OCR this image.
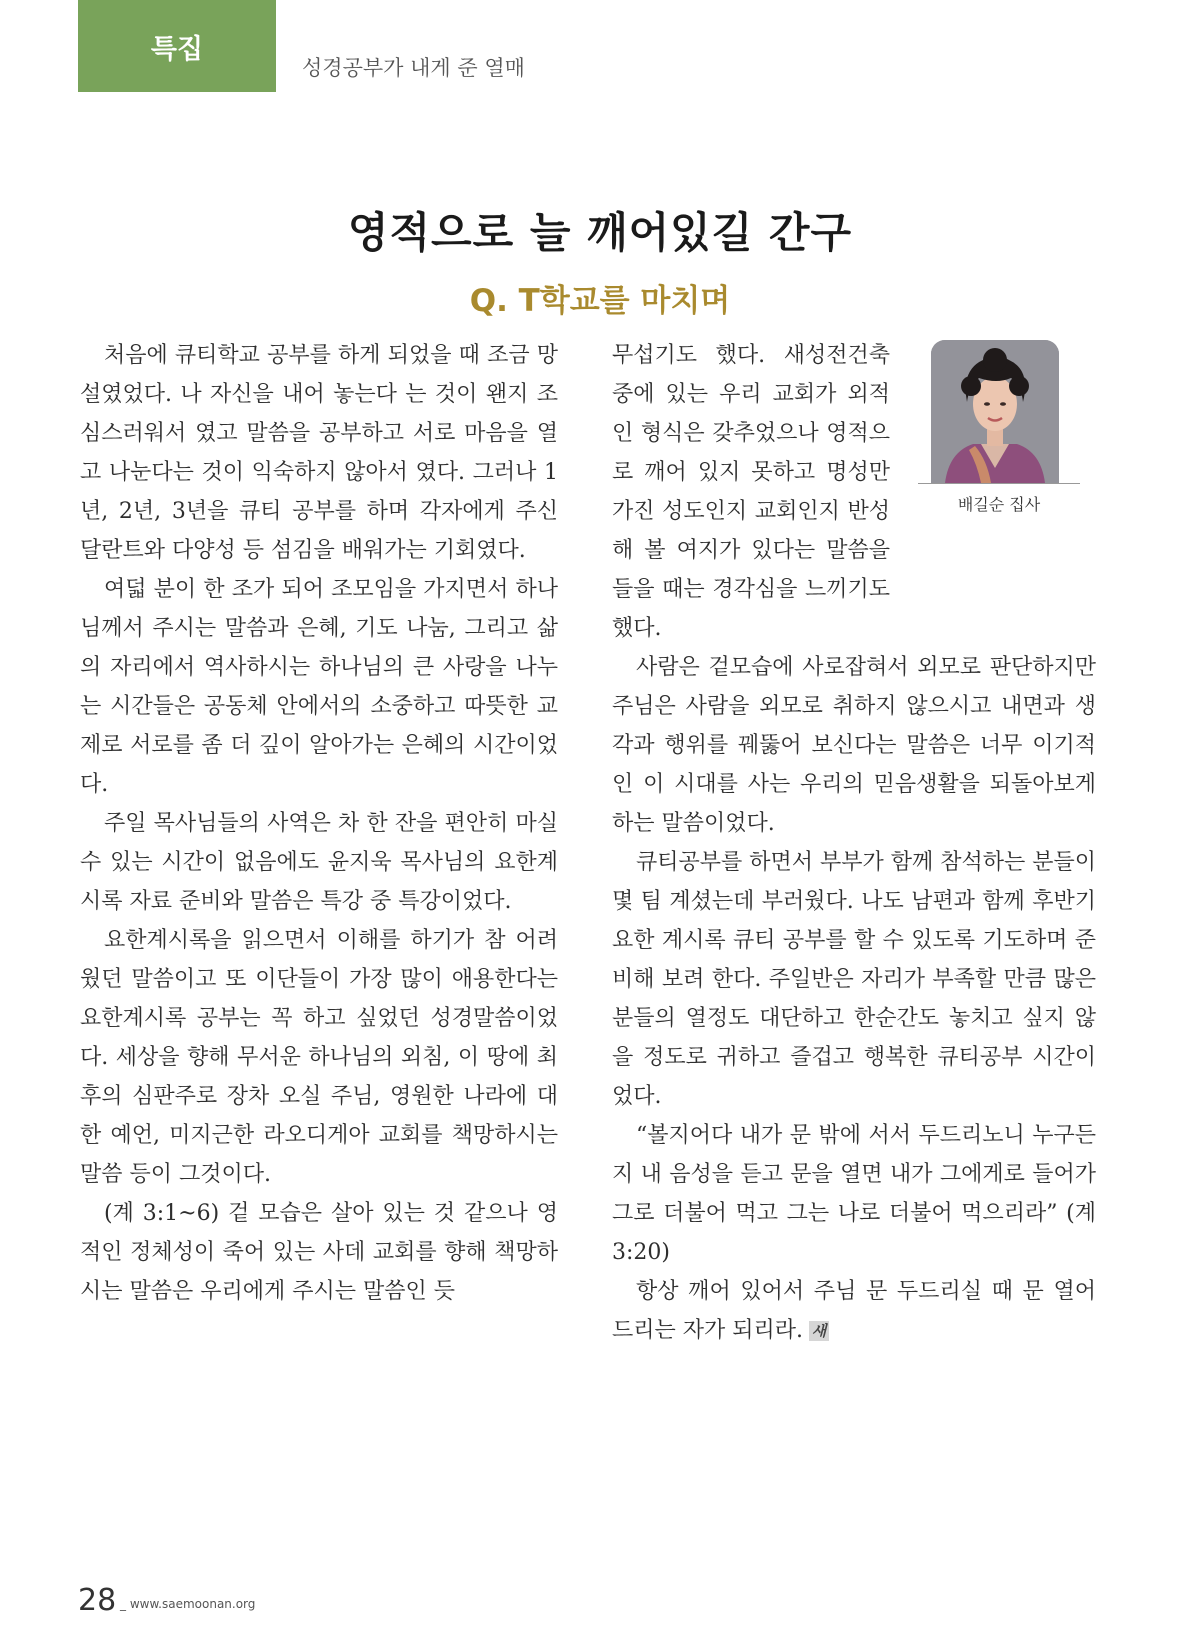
특집
성경공부가 내게 준 열매
영적으로 늘 깨어있길 간구
Q. T학교를 마치며

처음에 큐티학교 공부를 하게 되었을 때 조금 망설였었다. 나 자신을 내어 놓는다 는 것이 왠지 조심스러워서 였고 말씀을 공부하고 서로 마음을 열고 나눈다는 것이 익숙하지 않아서 였다. 그러나 1년, 2년, 3년을 큐티 공부를 하며 각자에게 주신 달란트와 다양성 등 섬김을 배워가는 기회였다.

여덟 분이 한 조가 되어 조모임을 가지면서 하나님께서 주시는 말씀과 은혜, 기도 나눔, 그리고 삶의 자리에서 역사하시는 하나님의 큰 사랑을 나누는 시간들은 공동체 안에서의 소중하고 따뜻한 교제로 서로를 좀 더 깊이 알아가는 은혜의 시간이었다.

주일 목사님들의 사역은 차 한 잔을 편안히 마실 수 있는 시간이 없음에도 윤지욱 목사님의 요한계시록 자료 준비와 말씀은 특강 중 특강이었다.

요한계시록을 읽으면서 이해를 하기가 참 어려웠던 말씀이고 또 이단들이 가장 많이 애용한다는 요한계시록 공부는 꼭 하고 싶었던 성경말씀이었다. 세상을 향해 무서운 하나님의 외침, 이 땅에 최후의 심판주로 장차 오실 주님, 영원한 나라에 대한 예언, 미지근한 라오디게아 교회를 책망하시는 말씀 등이 그것이다.

(계 3:1~6) 겉 모습은 살아 있는 것 같으나 영적인 정체성이 죽어 있는 사데 교회를 향해 책망하시는 말씀은 우리에게 주시는 말씀인 듯

배길순 집사

무섭기도 했다. 새성전건축 중에 있는 우리 교회가 외적인 형식은 갖추었으나 영적으로 깨어 있지 못하고 명성만 가진 성도인지 교회인지 반성해 볼 여지가 있다는 말씀을 들을 때는 경각심을 느끼기도 했다.

사람은 겉모습에 사로잡혀서 외모로 판단하지만 주님은 사람을 외모로 취하지 않으시고 내면과 생각과 행위를 꿰뚫어 보신다는 말씀은 너무 이기적인 이 시대를 사는 우리의 믿음생활을 되돌아보게 하는 말씀이었다.

큐티공부를 하면서 부부가 함께 참석하는 분들이 몇 팀 계셨는데 부러웠다. 나도 남편과 함께 후반기 요한 계시록 큐티 공부를 할 수 있도록 기도하며 준비해 보려 한다. 주일반은 자리가 부족할 만큼 많은 분들의 열정도 대단하고 한순간도 놓치고 싶지 않을 정도로 귀하고 즐겁고 행복한 큐티공부 시간이었다.

“볼지어다 내가 문 밖에 서서 두드리노니 누구든지 내 음성을 듣고 문을 열면 내가 그에게로 들어가 그로 더불어 먹고 그는 나로 더불어 먹으리라” (계3:20)

항상 깨어 있어서 주님 문 두드리실 때 문 열어 드리는 자가 되리라. 새

28 _ www.saemoonan.org
